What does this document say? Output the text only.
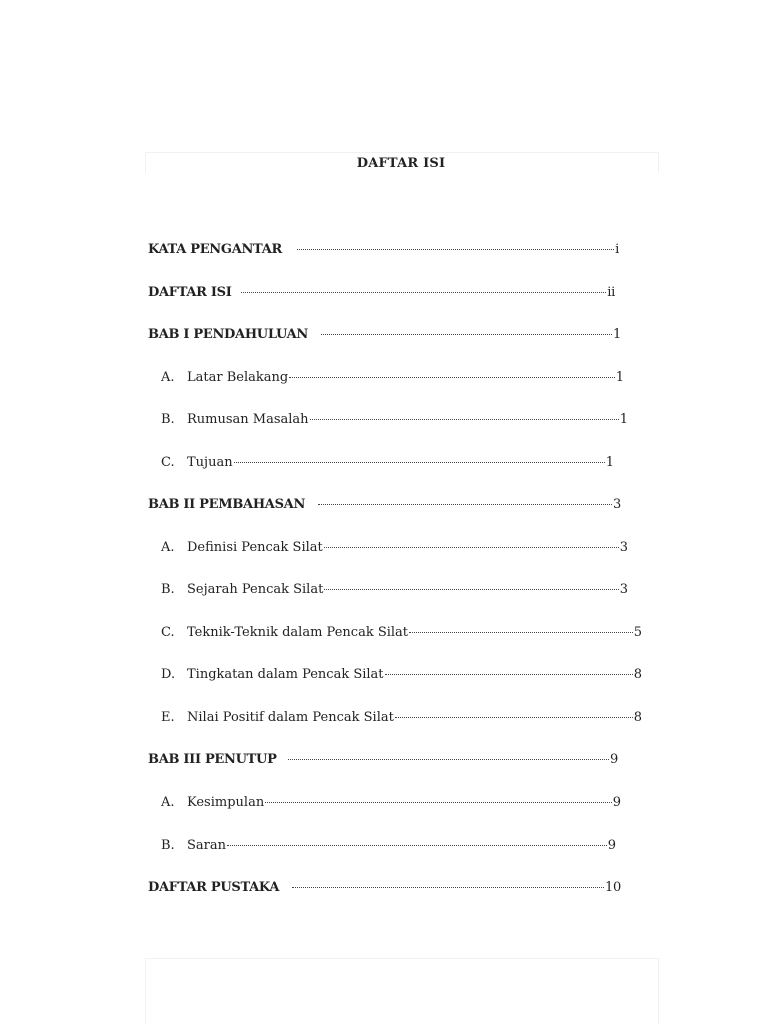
DAFTAR ISI
KATA PENGANTAR	i
DAFTAR ISI	ii
BAB I PENDAHULUAN	1
A. Latar Belakang	1
B. Rumusan Masalah	1
C. Tujuan	1
BAB II PEMBAHASAN	3
A. Definisi Pencak Silat	3
B. Sejarah Pencak Silat	3
C. Teknik-Teknik dalam Pencak Silat	5
D. Tingkatan dalam Pencak Silat	8
E. Nilai Positif dalam Pencak Silat	8
BAB III PENUTUP	9
A. Kesimpulan	9
B. Saran	9
DAFTAR PUSTAKA	10
